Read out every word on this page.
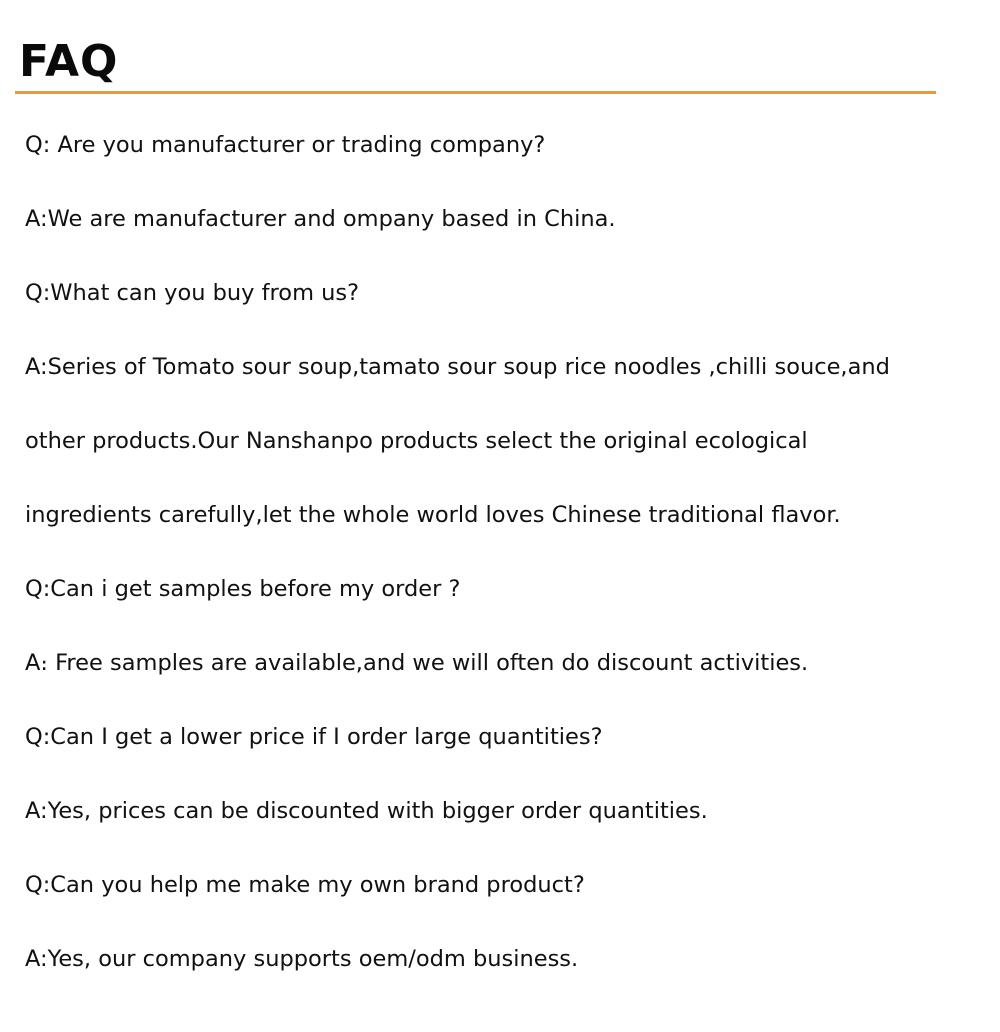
FAQ

Q: Are you manufacturer or trading company?

A:We are manufacturer and ompany based in China.

Q:What can you buy from us?

A:Series of Tomato sour soup,tamato sour soup rice noodles ,chilli souce,and

other products.Our Nanshanpo products select the original ecological

ingredients carefully,let the whole world loves Chinese traditional flavor.

Q:Can i get samples before my order ?

A։ Free samples are available,and we will often do discount activities.

Q:Can I get a lower price if I order large quantities?

A:Yes, prices can be discounted with bigger order quantities.

Q:Can you help me make my own brand product?

A:Yes, our company supports oem/odm business.
